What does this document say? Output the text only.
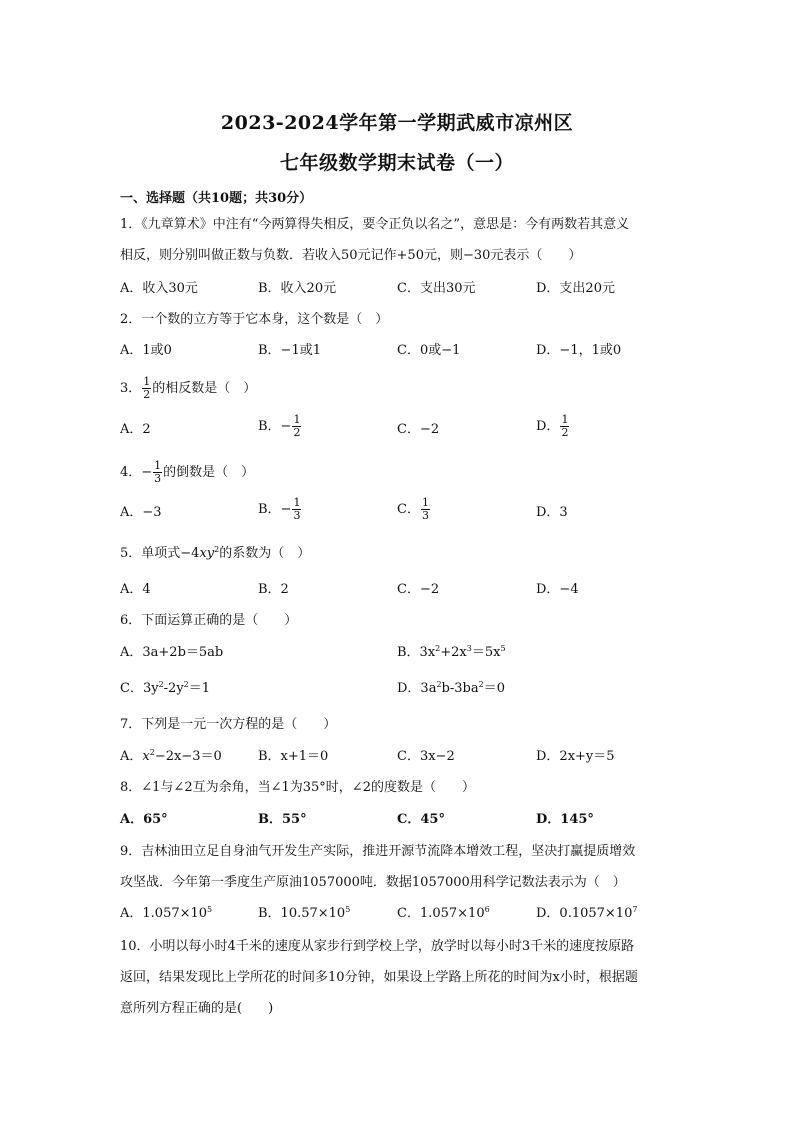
2023-2024学年第一学期武威市凉州区
七年级数学期末试卷（一）
一、选择题（共10题；共30分）
1．《九章算术》中注有“今两算得失相反，要令正负以名之”，意思是：今有两数若其意义
相反，则分别叫做正数与负数．若收入50元记作+50元，则−30元表示（　　）
A．收入30元	B．收入20元	C．支出30元	D．支出20元
2．一个数的立方等于它本身，这个数是（　）
A．1或0	B．−1或1	C．0或−1	D．−1，1或0
3． $\frac{1}{2}$ 的相反数是（　）
A．2	B．− $\frac{1}{2}$	C．−2	D． $\frac{1}{2}$
4．− $\frac{1}{3}$ 的倒数是（　）
A．−3	B．− $\frac{1}{3}$	C． $\frac{1}{3}$	D．3
5．单项式$-4xy^2$的系数为（　）
A．4	B．2	C．−2	D．−4
6．下面运算正确的是（　　）
A．3a+2b＝5ab	B．$3x^2+2x^3=5x^5$
C．$3y^2-2y^2=1$	D．$3a^2b-3ba^2=0$
7．下列是一元一次方程的是（　　）
A．$x^2-2x-3=0$	B．x+1＝0	C．3x−2	D．2x+y＝5
8．∠1与∠2互为余角，当∠1为35°时，∠2的度数是（　　）
A．65°	B．55°	C．45°	D．145°
9．吉林油田立足自身油气开发生产实际，推进开源节流降本增效工程，坚决打赢提质增效
攻坚战．今年第一季度生产原油1057000吨．数据1057000用科学记数法表示为（　）
A．$1.057\times 10^5$	B．$10.57\times 10^5$	C．$1.057\times 10^6$	D．$0.1057\times 10^7$
10．小明以每小时4千米的速度从家步行到学校上学，放学时以每小时3千米的速度按原路
返回，结果发现比上学所花的时间多10分钟，如果设上学路上所花的时间为x小时，根据题
意所列方程正确的是(　　)
